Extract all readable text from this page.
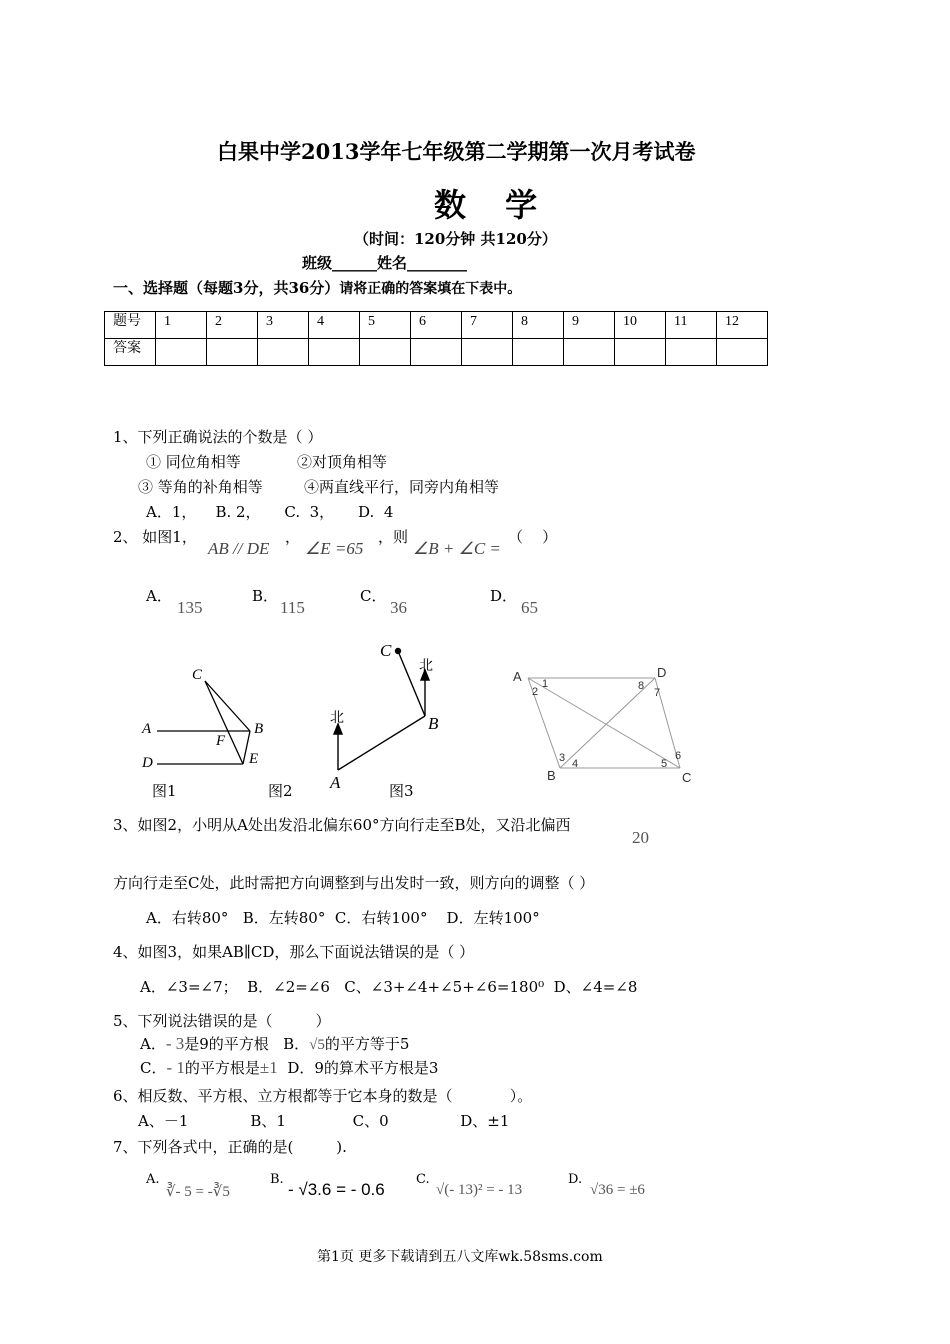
白果中学2013学年七年级第二学期第一次月考试卷
数 学
（时间：120分钟 共120分）
班级______姓名________
一、选择题（每题3分，共36分）请将正确的答案填在下表中。
题号	1	2	3	4	5	6	7	8	9	10	11	12
答案												
1、下列正确说法的个数是（ ）
① 同位角相等	②对顶角相等
③ 等角的补角相等	④两直线平行，同旁内角相等
A．1，    B. 2，     C.  3，     D.  4
2、 如图1，
AB // DE
，
∠E =65
，则
∠B + ∠C =
（    ）
A．
135
B．
115
C．
36
D．
65
C
A	B
F
E
D
图1
C
北
北	B
A
图2	图3
A	D
B	C
1
2	8
7
3 4	5
6
3、如图2，小明从A处出发沿北偏东60°方向行走至B处，又沿北偏西
20
方向行走至C处，此时需把方向调整到与出发时一致，则方向的调整（ ）
A．右转80°   B．左转80°  C．右转100°    D．左转100°
4、如图3，如果AB∥CD，那么下面说法错误的是（ ）
A．∠3=∠7；  B．∠2=∠6   C、∠3+∠4+∠5+∠6=180⁰  D、∠4=∠8
5、下列说法错误的是（         ）
A．- 3是9的平方根   B．√5的平方等于5
C．- 1的平方根是±1 D．9的算术平方根是3
6、相反数、平方根、立方根都等于它本身的数是（            ）。
A、－1             B、1              C、0               D、±1
7、下列各式中，正确的是(         ).
A.
∛- 5 = -∛5
B.
- √3.6 = - 0.6
C.
√(- 13)² = - 13
D.
√36 = ±6
第1页 更多下载请到五八文库wk.58sms.com
